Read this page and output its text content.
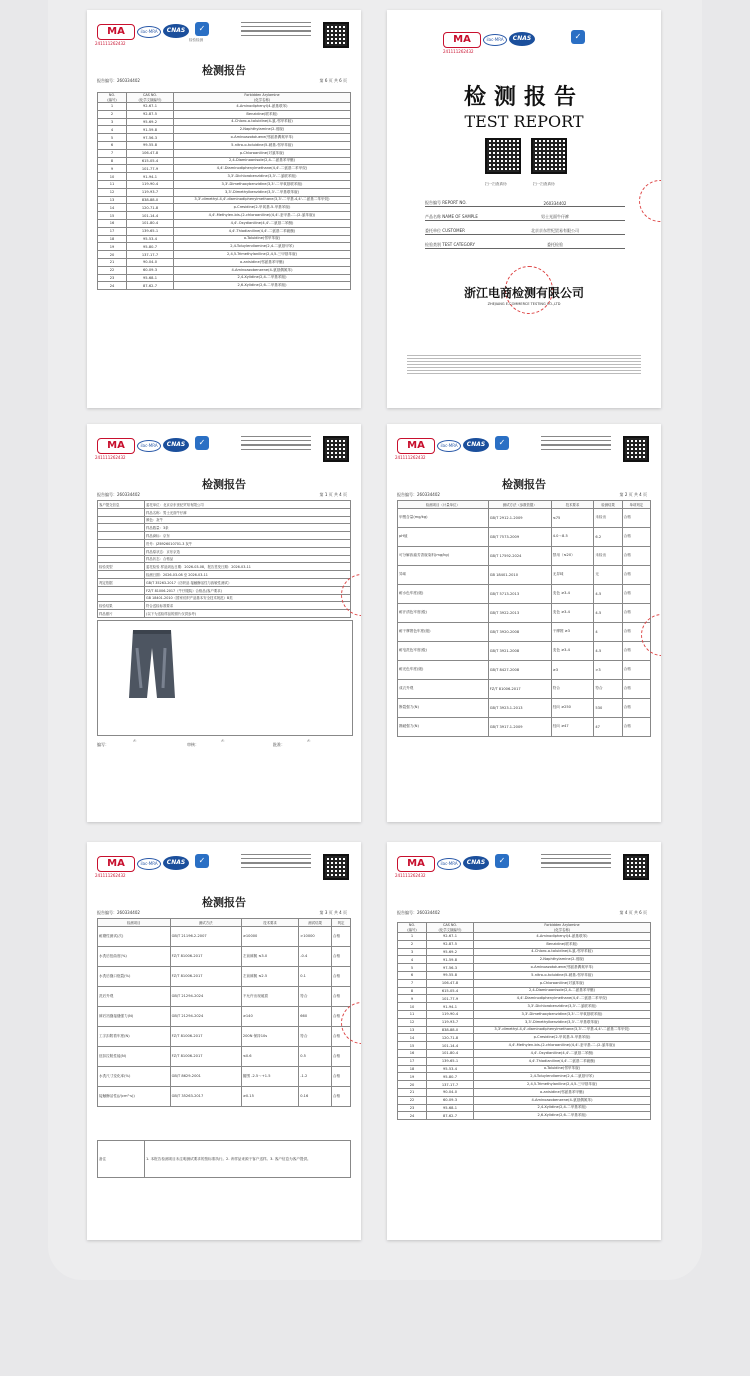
MA
241111262432
ilac-MRA	CNAS	✓
检验检测
检测报告
报告编号：260334402	第 6 页 共 6 页
NO.
(编号)	CAS NO.
(化学文摘编号)	Forbidden Arylamine
(化学名称)
1	92-67-1	4-Aminodiphenyl(4-氨基联苯)
2	92-87-5	Benzidine(联苯胺)
3	95-69-2	4-Chloro-o-toluidine(4-氯-邻甲苯胺)
4	91-59-8	2-Naphthylamine(2-萘胺)
5	97-56-3	o-Aminoazotoluene(邻氨基偶氮甲苯)
6	99-55-8	5-nitro-o-toluidine(5-硝基-邻甲苯胺)
7	106-47-8	p-Chloroaniline(对氯苯胺)
8	615-05-4	2,4-Diaminoanisole(2,4-二氨基苯甲醚)
9	101-77-9	4,4'-Diaminodiphenylmethane(4,4'-二氨基二苯甲烷)
10	91-94-1	3,3'-Dichlorobenzidine(3,3'-二氯联苯胺)
11	119-90-4	3,3'-Dimethoxybenzidine(3,3'-二甲氧基联苯胺)
12	119-93-7	3,3'-Dimethylbenzidine(3,3'-二甲基联苯胺)
13	838-88-0	3,3'-dimethyl-4,4'-diaminodiphenylmethane(3,3'-二甲基-4,4'-二氨基二苯甲烷)
14	120-71-8	p-Cresidine(2-甲氧基-5-甲基苯胺)
15	101-14-4	4,4'-Methylen-bis-(2-chloroaniline)(4,4'-亚甲基-二-(2-氯苯胺))
16	101-80-4	4,4'-Oxydianiline(4,4'-二氨基二苯醚)
17	139-65-1	4,4'-Thiodianiline(4,4'-二氨基二苯硫醚)
18	95-53-4	o-Toluidine(邻甲苯胺)
19	95-80-7	2,4-Toluylendiamine(2,4-二氨基甲苯)
20	137-17-7	2,4,5-Trimethylaniline(2,4,5-三甲基苯胺)
21	90-04-0	o-anisidine(邻氨基苯甲醚)
22	60-09-3	4-Aminoazobenzene(4-氨基偶氮苯)
23	95-68-1	2,4-Xylidine(2,4-二甲基苯胺)
24	87-62-7	2,6-Xylidine(2,6-二甲基苯胺)
MA
241111262432
ilac-MRA	CNAS	✓
检测报告
TEST REPORT
扫一扫查真伪	扫一扫查真伪
报告编号 REPORT NO.	260334402
产品名称 NAME OF SAMPLE	男士光面牛仔裤
委托单位 CUSTOMER	北京京东世纪贸易有限公司
检验类别 TEST CATEGORY	委托检验
浙江电商检测有限公司
ZHEJIANG E-COMMERCE TESTING CO.,LTD
MA
241111262432
ilac-MRA	CNAS	✓
检测报告
报告编号：260334402	第 1 页 共 4 页
客户提交信息	委托单位：北京京东世纪贸易有限公司
	样品名称：男士光面牛仔裤
	颜色：灰牛
	样品数量：3条
	样品商标：京东
	货号：JZ6926010701-3 灰牛
	样品原状态：京东京造
	样品状态：合格品
检验类型	委托检验 样品到达日期：2026-03-08，报告签发日期：2026-03-11
	检测日期：2026-03-08 至 2026-03-11
判定依据	GB/T 35263-2017《纺织品 接触酶活性与致敏性测试》
	FZ/T 81006-2017《牛仔服装》合格品(客户要求)
	GB 18401-2010《国家纺织产品基本安全技术规范》B类
检验结果	符合送检标准要求
样品照片	(以下为送检样品的照片仅供参考)
编写：
✍
审核：
✍
批准：
✍
MA
241111262432
ilac-MRA	CNAS	✓
检测报告
报告编号：260334402	第 2 页 共 4 页
检测项目（计量单位）	测试方法（参数依据）	技术要求	检测结果	单项判定
甲醛含量(mg/kg)	GB/T 2912.1-2009	≤75	未检出	合格
pH值	GB/T 7573-2009	4.0～8.5	6.2	合格
可分解致癌芳香胺染料(mg/kg)	GB/T 17592-2024	禁用（≤20）	未检出	合格
异味	GB 18401-2010	无异味	无	合格
耐水色牢度(级)	GB/T 5713-2013	变色 ≥3-4	4-5	合格
耐汗渍色牢度(级)	GB/T 3922-2013	变色 ≥3-4	4-5	合格
耐干摩擦色牢度(级)	GB/T 3920-2008	干摩擦 ≥3	4	合格
耐皂洗色牢度(级)	GB/T 3921-2008	变色 ≥3-4	4-5	合格
耐光色牢度(级)	GB/T 8427-2008	≥3	>3	合格
成衣外观	FZ/T 81006-2017	符合	符合	合格
断裂强力(N)	GB/T 3923.1-2013	经向 ≥250	530	合格
撕破强力(N)	GB/T 3917.1-2009	经向 ≥47	47	合格
MA
241111262432
ilac-MRA	CNAS	✓
检测报告
报告编号：260334402	第 3 页 共 4 页
检测项目	测试方法	技术要求	测试结果	判定
耐磨性测试(次)	GB/T 21196.2-2007	≥10000	>10000	合格
水洗后扭曲度(%)	FZ/T 81006-2017	左前裤腿 ≤3.0	-0.4	合格
水洗后缝口纰裂(%)	FZ/T 81006-2017	左前裤腿 ≤2.5	0.1	合格
洗后外观	GB/T 21294-2024	不允许出现破损	符合	合格
裤后裆缝接缝强力(N)	GB/T 21294-2024	≥140	660	合格
工字扣附着牢度(N)	FZ/T 81006-2017	200N 保持10s	符合	合格
纽扣拉脱性能(N)	FZ/T 81006-2017	≤0.6	0.5	合格
水洗尺寸变化率(%)	GB/T 8629-2001	腰围 -2.5～+1.5	-1.2	合格
接触酶活性(J/(cm²·s))	GB/T 35263-2017	≥0.15	0.16	合格
备注	1. 本报告检测项目未注明测试要求的按标准执行。2. 该样品来源于客户送样。3. 客户信息为客户提供。
MA
241111262432
ilac-MRA	CNAS	✓
报告编号：260334402	第 4 页 共 6 页
NO.
(编号)	CAS NO.
(化学文摘编号)	Forbidden Arylamine
(化学名称)
1	92-67-1	4-Aminodiphenyl(4-氨基联苯)
2	92-87-5	Benzidine(联苯胺)
3	95-69-2	4-Chloro-o-toluidine(4-氯-邻甲苯胺)
4	91-59-8	2-Naphthylamine(2-萘胺)
5	97-56-3	o-Aminoazotoluene(邻氨基偶氮甲苯)
6	99-55-8	5-nitro-o-toluidine(5-硝基-邻甲苯胺)
7	106-47-8	p-Chloroaniline(对氯苯胺)
8	615-05-4	2,4-Diaminoanisole(2,4-二氨基苯甲醚)
9	101-77-9	4,4'-Diaminodiphenylmethane(4,4'-二氨基二苯甲烷)
10	91-94-1	3,3'-Dichlorobenzidine(3,3'-二氯联苯胺)
11	119-90-4	3,3'-Dimethoxybenzidine(3,3'-二甲氧基联苯胺)
12	119-93-7	3,3'-Dimethylbenzidine(3,3'-二甲基联苯胺)
13	838-88-0	3,3'-dimethyl-4,4'-diaminodiphenylmethane(3,3'-二甲基-4,4'-二氨基二苯甲烷)
14	120-71-8	p-Cresidine(2-甲氧基-5-甲基苯胺)
15	101-14-4	4,4'-Methylen-bis-(2-chloroaniline)(4,4'-亚甲基-二-(2-氯苯胺))
16	101-80-4	4,4'-Oxydianiline(4,4'-二氨基二苯醚)
17	139-65-1	4,4'-Thiodianiline(4,4'-二氨基二苯硫醚)
18	95-53-4	o-Toluidine(邻甲苯胺)
19	95-80-7	2,4-Toluylendiamine(2,4-二氨基甲苯)
20	137-17-7	2,4,5-Trimethylaniline(2,4,5-三甲基苯胺)
21	90-04-0	o-anisidine(邻氨基苯甲醚)
22	60-09-3	4-Aminoazobenzene(4-氨基偶氮苯)
23	95-68-1	2,4-Xylidine(2,4-二甲基苯胺)
24	87-62-7	2,6-Xylidine(2,6-二甲基苯胺)
